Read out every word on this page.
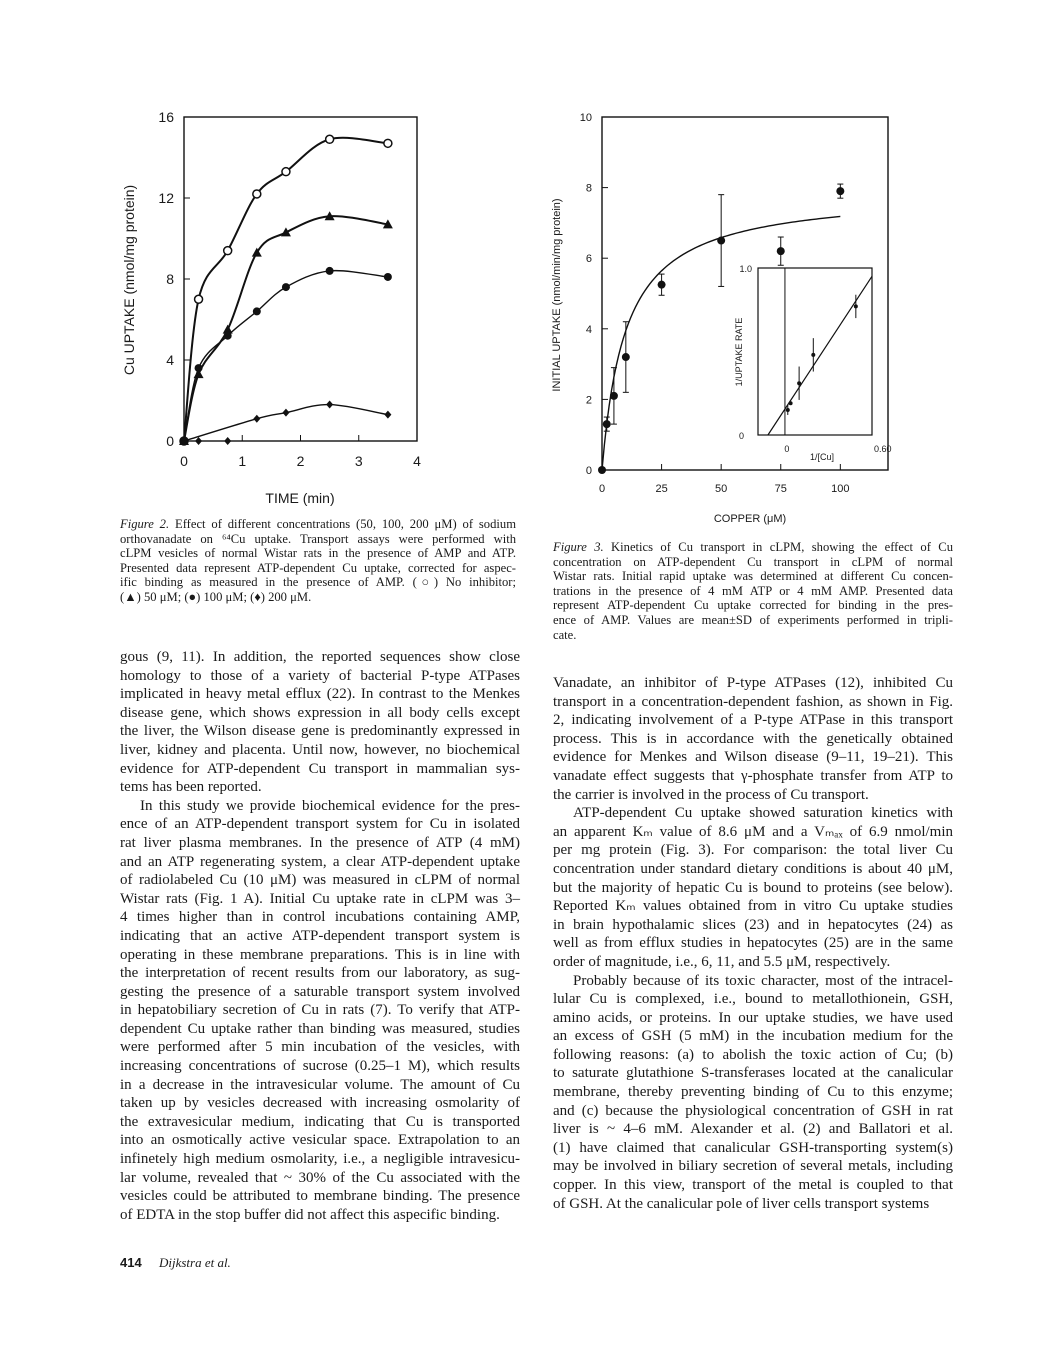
0
4
8
12
16
0	1	2	3	4
TIME (min)
Cu UPTAKE (nmol/mg protein)
0
2
4
6
8
10
0	25	50	75	100
COPPER (μM)
INITIAL UPTAKE (nmol/min/mg protein)	1.0
0
0	0.60
1/[Cu]
1/UPTAKE RATE
Figure 2. Effect of different concentrations (50, 100, 200 μM) of sodium
orthovanadate on ⁶⁴Cu uptake. Transport assays were performed with
cLPM vesicles of normal Wistar rats in the presence of AMP and ATP.
Presented data represent ATP-dependent Cu uptake, corrected for aspec-
ific binding as measured in the presence of AMP. (○) No inhibitor;
(▲) 50 μM; (●) 100 μM; (♦) 200 μM.
Figure 3. Kinetics of Cu transport in cLPM, showing the effect of Cu
concentration on ATP-dependent Cu transport in cLPM of normal
Wistar rats. Initial rapid uptake was determined at different Cu concen-
trations in the presence of 4 mM ATP or 4 mM AMP. Presented data
represent ATP-dependent Cu uptake corrected for binding in the pres-
ence of AMP. Values are mean±SD of experiments performed in tripli-
cate.
gous (9, 11). In addition, the reported sequences show close
homology to those of a variety of bacterial P-type ATPases
implicated in heavy metal efflux (22). In contrast to the Menkes
disease gene, which shows expression in all body cells except
the liver, the Wilson disease gene is predominantly expressed in
liver, kidney and placenta. Until now, however, no biochemical
evidence for ATP-dependent Cu transport in mammalian sys-
tems has been reported.
In this study we provide biochemical evidence for the pres-
ence of an ATP-dependent transport system for Cu in isolated
rat liver plasma membranes. In the presence of ATP (4 mM)
and an ATP regenerating system, a clear ATP-dependent uptake
of radiolabeled Cu (10 μM) was measured in cLPM of normal
Wistar rats (Fig. 1 A). Initial Cu uptake rate in cLPM was 3–
4 times higher than in control incubations containing AMP,
indicating that an active ATP-dependent transport system is
operating in these membrane preparations. This is in line with
the interpretation of recent results from our laboratory, as sug-
gesting the presence of a saturable transport system involved
in hepatobiliary secretion of Cu in rats (7). To verify that ATP-
dependent Cu uptake rather than binding was measured, studies
were performed after 5 min incubation of the vesicles, with
increasing concentrations of sucrose (0.25–1 M), which results
in a decrease in the intravesicular volume. The amount of Cu
taken up by vesicles decreased with increasing osmolarity of
the extravesicular medium, indicating that Cu is transported
into an osmotically active vesicular space. Extrapolation to an
infinetely high medium osmolarity, i.e., a negligible intravesicu-
lar volume, revealed that ~ 30% of the Cu associated with the
vesicles could be attributed to membrane binding. The presence
of EDTA in the stop buffer did not affect this aspecific binding.
Vanadate, an inhibitor of P-type ATPases (12), inhibited Cu
transport in a concentration-dependent fashion, as shown in Fig.
2, indicating involvement of a P-type ATPase in this transport
process. This is in accordance with the genetically obtained
evidence for Menkes and Wilson disease (9–11, 19–21). This
vanadate effect suggests that γ-phosphate transfer from ATP to
the carrier is involved in the process of Cu transport.
ATP-dependent Cu uptake showed saturation kinetics with
an apparent Kₘ value of 8.6 μM and a Vₘₐₓ of 6.9 nmol/min
per mg protein (Fig. 3). For comparison: the total liver Cu
concentration under standard dietary conditions is about 40 μM,
but the majority of hepatic Cu is bound to proteins (see below).
Reported Kₘ values obtained from in vitro Cu uptake studies
in brain hypothalamic slices (23) and in hepatocytes (24) as
well as from efflux studies in hepatocytes (25) are in the same
order of magnitude, i.e., 6, 11, and 5.5 μM, respectively.
Probably because of its toxic character, most of the intracel-
lular Cu is complexed, i.e., bound to metallothionein, GSH,
amino acids, or proteins. In our uptake studies, we have used
an excess of GSH (5 mM) in the incubation medium for the
following reasons: (a) to abolish the toxic action of Cu; (b)
to saturate glutathione S-transferases located at the canalicular
membrane, thereby preventing binding of Cu to this enzyme;
and (c) because the physiological concentration of GSH in rat
liver is ~ 4–6 mM. Alexander et al. (2) and Ballatori et al.
(1) have claimed that canalicular GSH-transporting system(s)
may be involved in biliary secretion of several metals, including
copper. In this view, transport of the metal is coupled to that
of GSH. At the canalicular pole of liver cells transport systems
414 Dijkstra et al.
